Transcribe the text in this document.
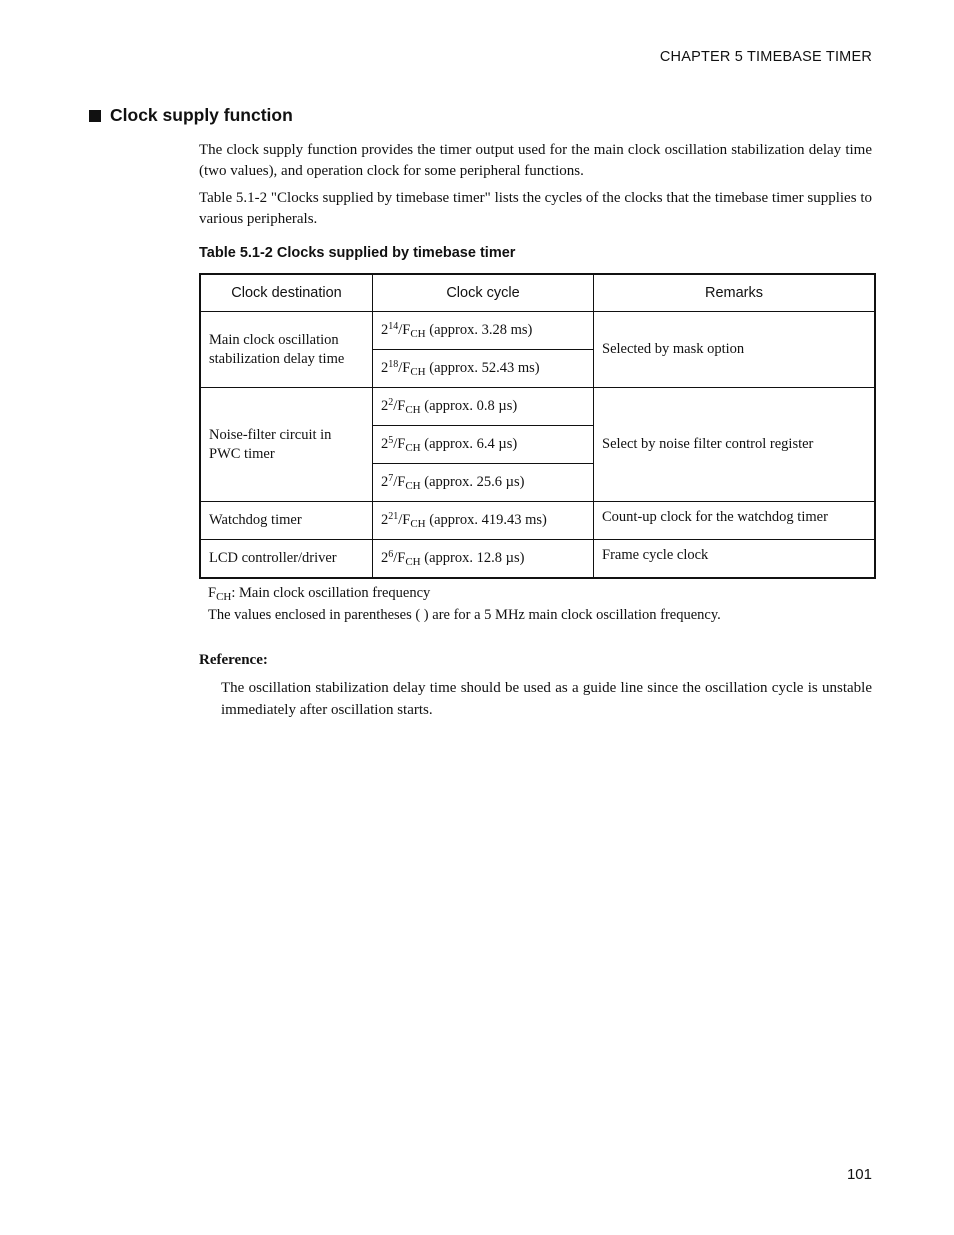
CHAPTER 5 TIMEBASE TIMER
Clock supply function
The clock supply function provides the timer output used for the main clock oscillation stabilization delay time (two values), and operation clock for some peripheral functions.
Table 5.1-2 "Clocks supplied by timebase timer" lists the cycles of the clocks that the timebase timer supplies to various peripherals.
Table 5.1-2 Clocks supplied by timebase timer
Clock destination	Clock cycle	Remarks
Main clock oscillation stabilization delay time	$2^{14}/F_{CH}$ (approx. 3.28 ms)	Selected by mask option
	$2^{18}/F_{CH}$ (approx. 52.43 ms)	
Noise-filter circuit in PWC timer	$2^2/F_{CH}$ (approx. 0.8 µs)	Select by noise filter control register
	$2^5/F_{CH}$ (approx. 6.4 µs)	
	$2^7/F_{CH}$ (approx. 25.6 µs)	
Watchdog timer	$2^{21}/F_{CH}$ (approx. 419.43 ms)	Count-up clock for the watchdog timer
LCD controller/driver	$2^6/F_{CH}$ (approx. 12.8 µs)	Frame cycle clock
$F_{CH}$: Main clock oscillation frequency
The values enclosed in parentheses ( ) are for a 5 MHz main clock oscillation frequency.
Reference:
The oscillation stabilization delay time should be used as a guide line since the oscillation cycle is unstable immediately after oscillation starts.
101
